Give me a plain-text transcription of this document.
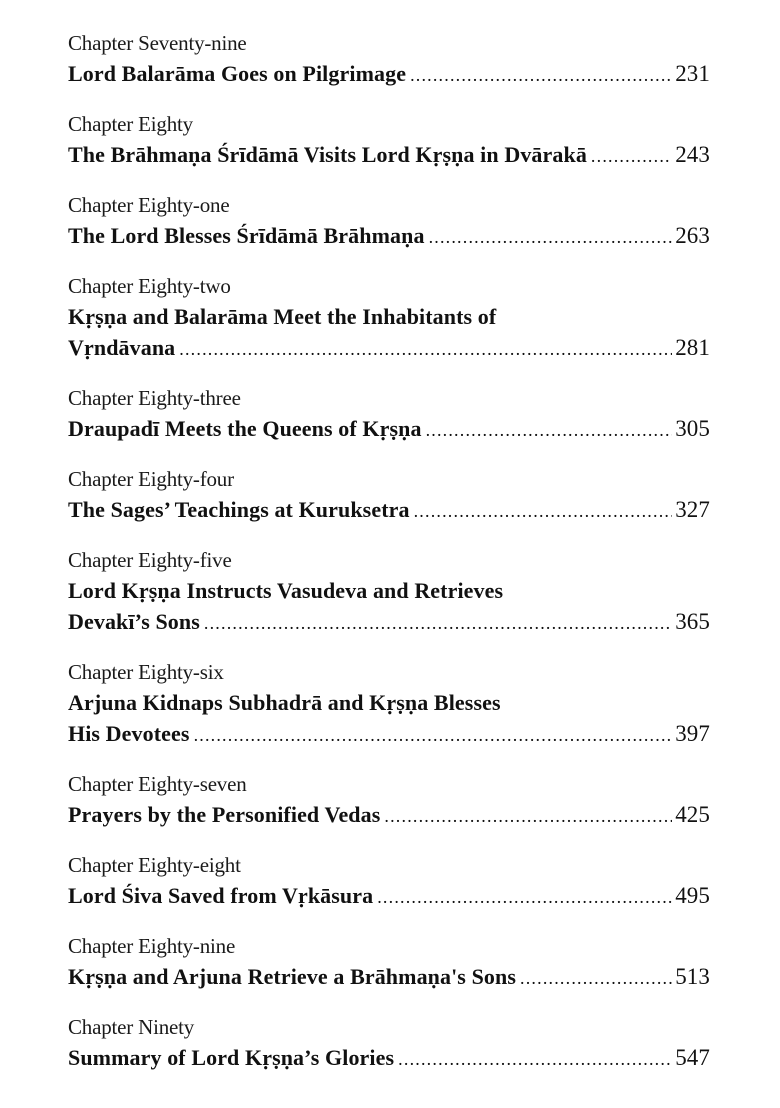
Chapter Seventy-nine
Lord Balarāma Goes on Pilgrimage .....	231
Chapter Eighty
The Brāhmaṇa Śrīdāmā Visits Lord Kṛṣṇa in Dvārakā .....	243
Chapter Eighty-one
The Lord Blesses Śrīdāmā Brāhmaṇa .....	263
Chapter Eighty-two
Kṛṣṇa and Balarāma Meet the Inhabitants of
Vṛndāvana .....	281
Chapter Eighty-three
Draupadī Meets the Queens of Kṛṣṇa .....	305
Chapter Eighty-four
The Sages’ Teachings at Kuruksetra .....	327
Chapter Eighty-five
Lord Kṛṣṇa Instructs Vasudeva and Retrieves
Devakī’s Sons .....	365
Chapter Eighty-six
Arjuna Kidnaps Subhadrā and Kṛṣṇa Blesses
His Devotees .....	397
Chapter Eighty-seven
Prayers by the Personified Vedas .....	425
Chapter Eighty-eight
Lord Śiva Saved from Vṛkāsura .....	495
Chapter Eighty-nine
Kṛṣṇa and Arjuna Retrieve a Brāhmaṇa's Sons .....	513
Chapter Ninety
Summary of Lord Kṛṣṇa’s Glories .....	547
